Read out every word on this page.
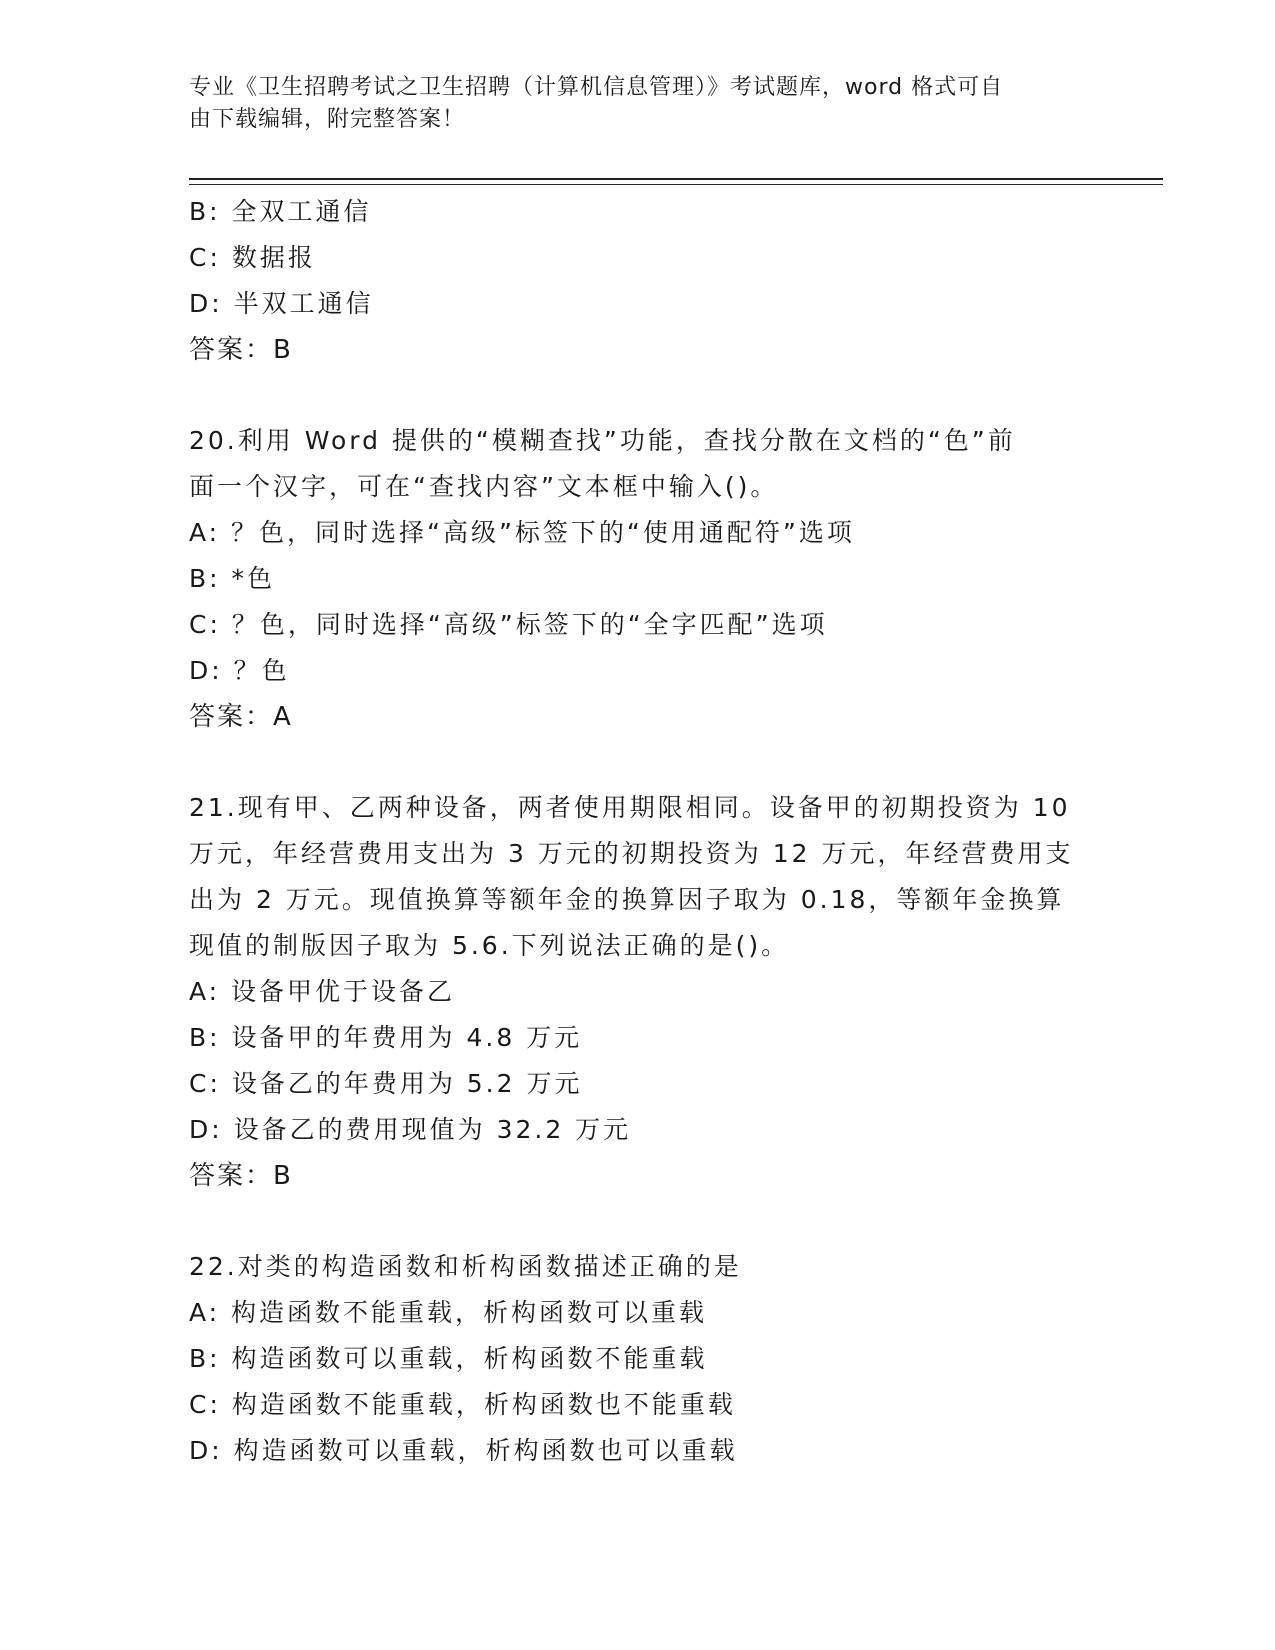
专业《卫生招聘考试之卫生招聘（计算机信息管理）》考试题库，word 格式可自
由下载编辑，附完整答案！
B: 全双工通信
C: 数据报
D: 半双工通信
答案：B
20.利用 Word 提供的“模糊查找”功能，查找分散在文档的“色”前
面一个汉字，可在“查找内容”文本框中输入()。
A: ？色，同时选择“高级”标签下的“使用通配符”选项
B: *色
C: ？色，同时选择“高级”标签下的“全字匹配”选项
D: ？色
答案：A
21.现有甲、乙两种设备，两者使用期限相同。设备甲的初期投资为 10
万元，年经营费用支出为 3 万元的初期投资为 12 万元，年经营费用支
出为 2 万元。现值换算等额年金的换算因子取为 0.18，等额年金换算
现值的制版因子取为 5.6.下列说法正确的是()。
A: 设备甲优于设备乙
B: 设备甲的年费用为 4.8 万元
C: 设备乙的年费用为 5.2 万元
D: 设备乙的费用现值为 32.2 万元
答案：B
22.对类的构造函数和析构函数描述正确的是
A: 构造函数不能重载，析构函数可以重载
B: 构造函数可以重载，析构函数不能重载
C: 构造函数不能重载，析构函数也不能重载
D: 构造函数可以重载，析构函数也可以重载
